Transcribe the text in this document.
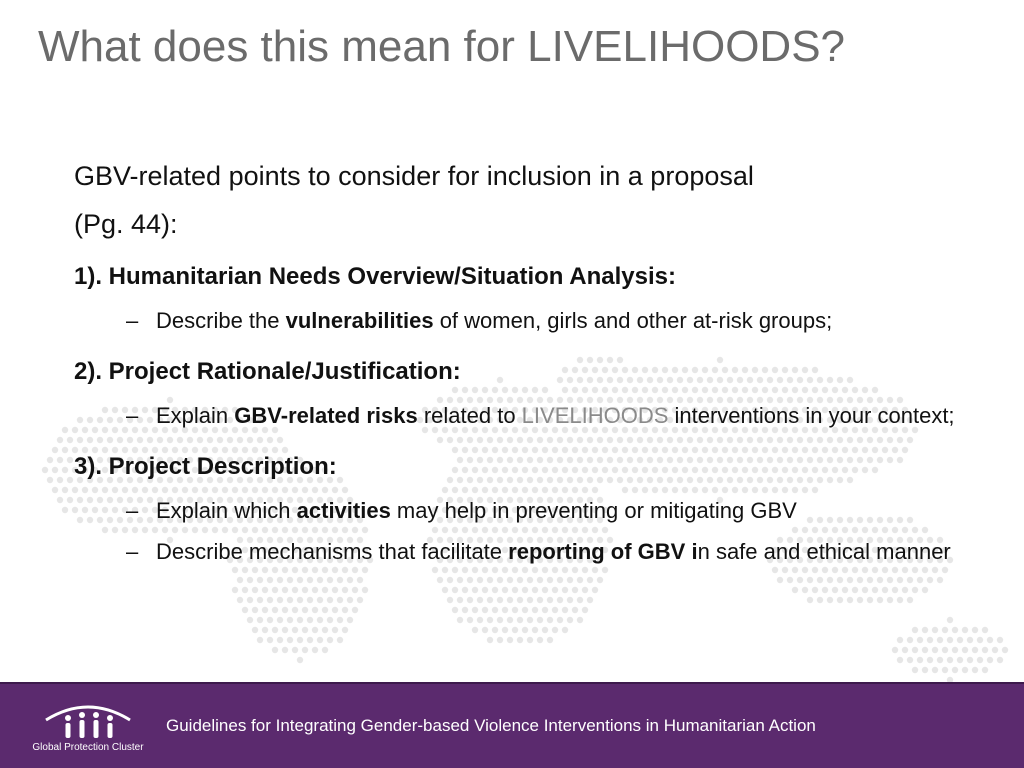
What does this mean for LIVELIHOODS?

GBV-related points to consider for inclusion in a proposal
(Pg. 44):

1). Humanitarian Needs Overview/Situation Analysis:

– Describe the vulnerabilities of women, girls and other at-risk groups;

2). Project Rationale/Justification:

– Explain GBV-related risks related to LIVELIHOODS interventions in your context;

3). Project Description:

– Explain which activities may help in preventing or mitigating GBV

– Describe mechanisms that facilitate reporting of GBV in safe and ethical manner

Global Protection Cluster
Guidelines for Integrating Gender-based Violence Interventions in Humanitarian Action
